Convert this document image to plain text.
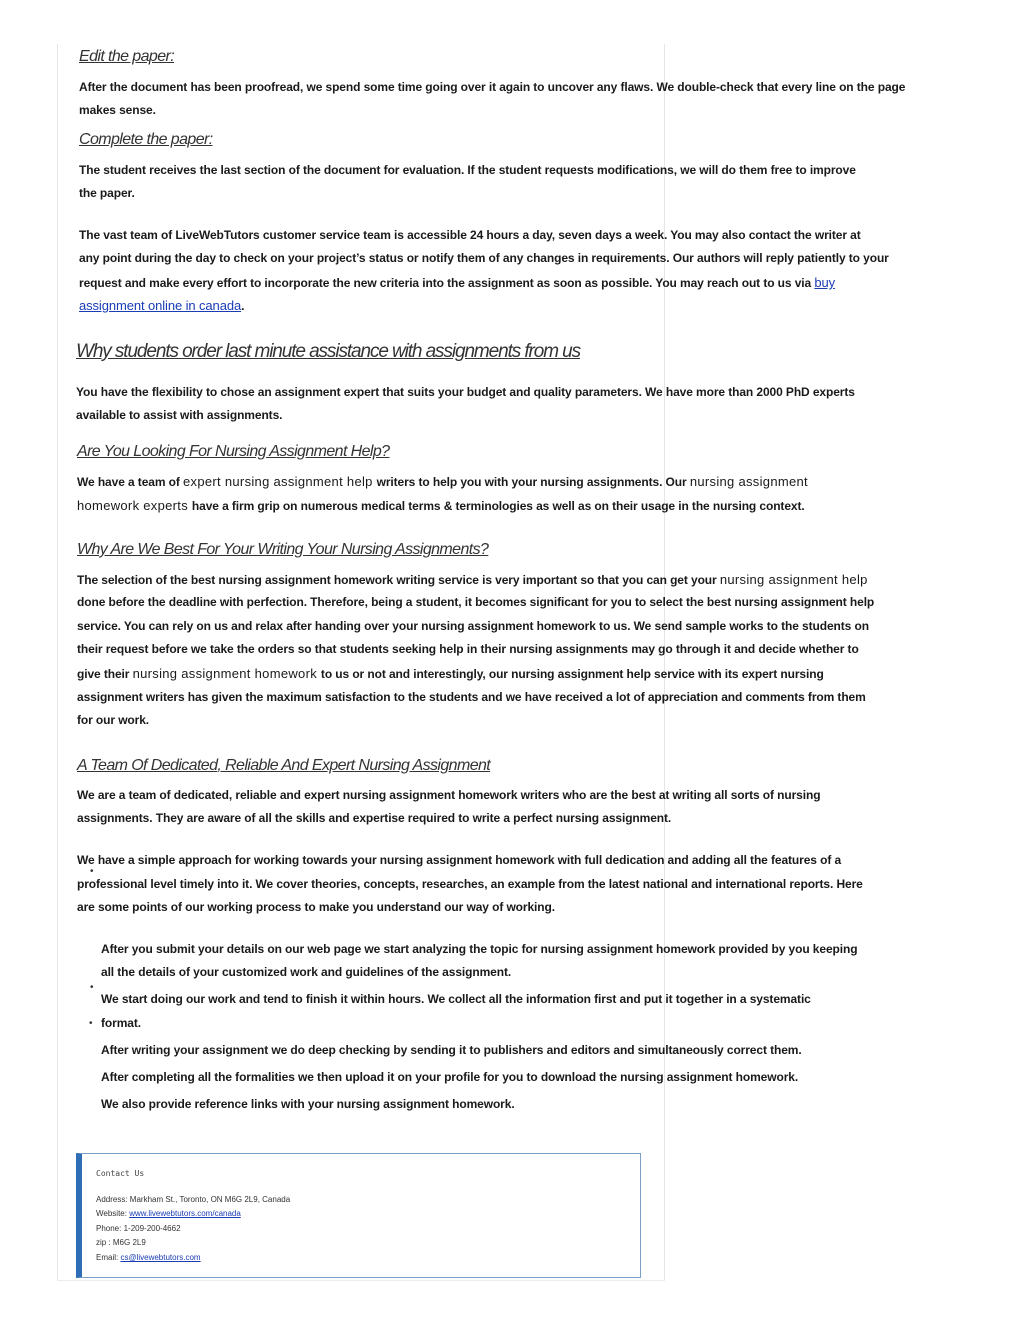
Edit the paper:

After the document has been proofread, we spend some time going over it again to uncover any flaws. We double-check that every line on the page

makes sense.

Complete the paper:

The student receives the last section of the document for evaluation. If the student requests modifications, we will do them free to improve

the paper.

The vast team of LiveWebTutors customer service team is accessible 24 hours a day, seven days a week. You may also contact the writer at

any point during the day to check on your project’s status or notify them of any changes in requirements. Our authors will reply patiently to your

request and make every effort to incorporate the new criteria into the assignment as soon as possible. You may reach out to us via buy

assignment online in canada.

Why students order last minute assistance with assignments from us

You have the flexibility to chose an assignment expert that suits your budget and quality parameters. We have more than 2000 PhD experts

available to assist with assignments.

Are You Looking For Nursing Assignment Help?

We have a team of expert nursing assignment help writers to help you with your nursing assignments. Our nursing assignment

homework experts have a firm grip on numerous medical terms & terminologies as well as on their usage in the nursing context.

Why Are We Best For Your Writing Your Nursing Assignments?

The selection of the best nursing assignment homework writing service is very important so that you can get your nursing assignment help

done before the deadline with perfection. Therefore, being a student, it becomes significant for you to select the best nursing assignment help

service. You can rely on us and relax after handing over your nursing assignment homework to us. We send sample works to the students on

their request before we take the orders so that students seeking help in their nursing assignments may go through it and decide whether to

give their nursing assignment homework to us or not and interestingly, our nursing assignment help service with its expert nursing

assignment writers has given the maximum satisfaction to the students and we have received a lot of appreciation and comments from them

for our work.

A Team Of Dedicated, Reliable And Expert Nursing Assignment

We are a team of dedicated, reliable and expert nursing assignment homework writers who are the best at writing all sorts of nursing

assignments. They are aware of all the skills and expertise required to write a perfect nursing assignment.

We have a simple approach for working towards your nursing assignment homework with full dedication and adding all the features of a

•

professional level timely into it. We cover theories, concepts, researches, an example from the latest national and international reports. Here

are some points of our working process to make you understand our way of working.

After you submit your details on our web page we start analyzing the topic for nursing assignment homework provided by you keeping

all the details of your customized work and guidelines of the assignment.

•

We start doing our work and tend to finish it within hours. We collect all the information first and put it together in a systematic

• format.

After writing your assignment we do deep checking by sending it to publishers and editors and simultaneously correct them.

After completing all the formalities we then upload it on your profile for you to download the nursing assignment homework.

We also provide reference links with your nursing assignment homework.

Contact Us
Address: Markham St., Toronto, ON M6G 2L9, Canada
Website: www.livewebtutors.com/canada
Phone: 1-209-200-4662
zip : M6G 2L9
Email: cs@livewebtutors.com
